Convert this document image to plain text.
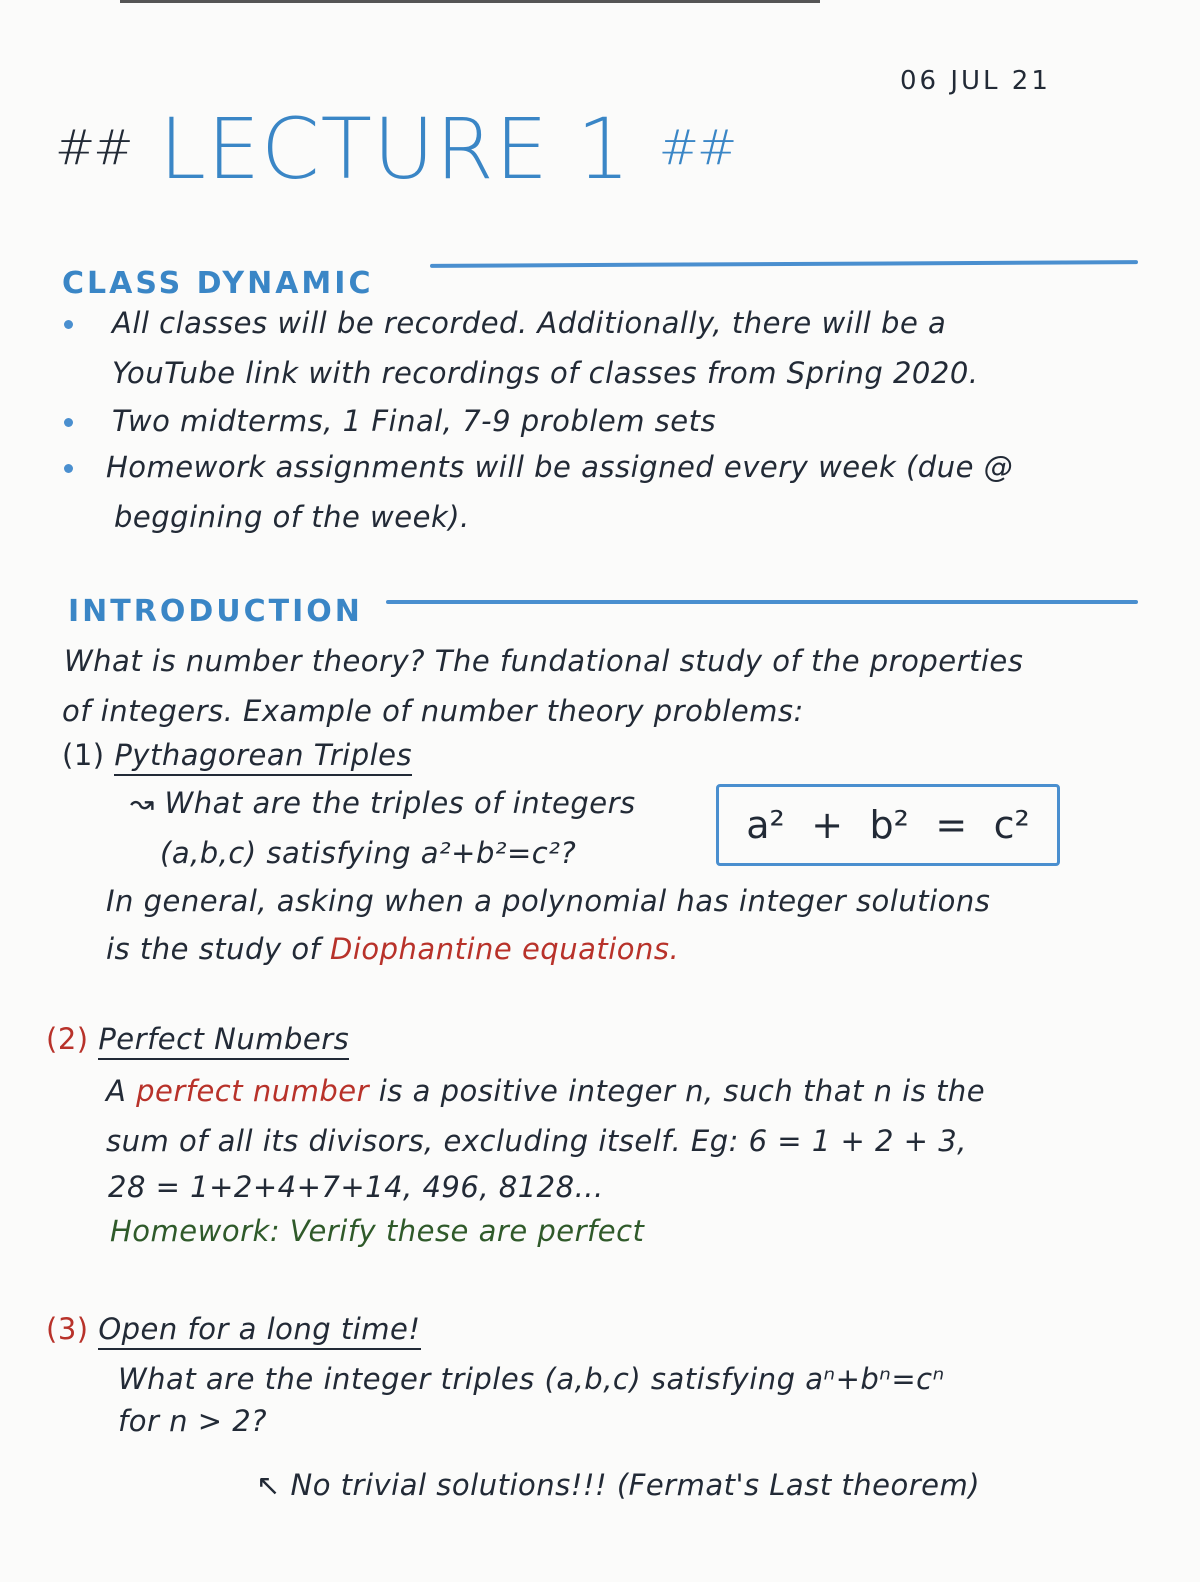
06 JUL 21
## LECTURE 1 ##
CLASS DYNAMIC
All classes will be recorded. Additionally, there will be a
YouTube link with recordings of classes from Spring 2020.
Two midterms, 1 Final, 7-9 problem sets
Homework assignments will be assigned every week (due @
beggining of the week).
INTRODUCTION
What is number theory? The fundational study of the properties
of integers. Example of number theory problems:
(1) Pythagorean Triples
↝ What are the triples of integers
(a,b,c) satisfying a²+b²=c²?
a² + b² = c²
In general, asking when a polynomial has integer solutions
is the study of Diophantine equations.
(2) Perfect Numbers
A perfect number is a positive integer n, such that n is the
sum of all its divisors, excluding itself. Eg: 6 = 1 + 2 + 3,
28 = 1+2+4+7+14, 496, 8128...
Homework: Verify these are perfect
(3) Open for a long time!
What are the integer triples (a,b,c) satisfying aⁿ+bⁿ=cⁿ
for n > 2?
↖ No trivial solutions!!! (Fermat's Last theorem)
